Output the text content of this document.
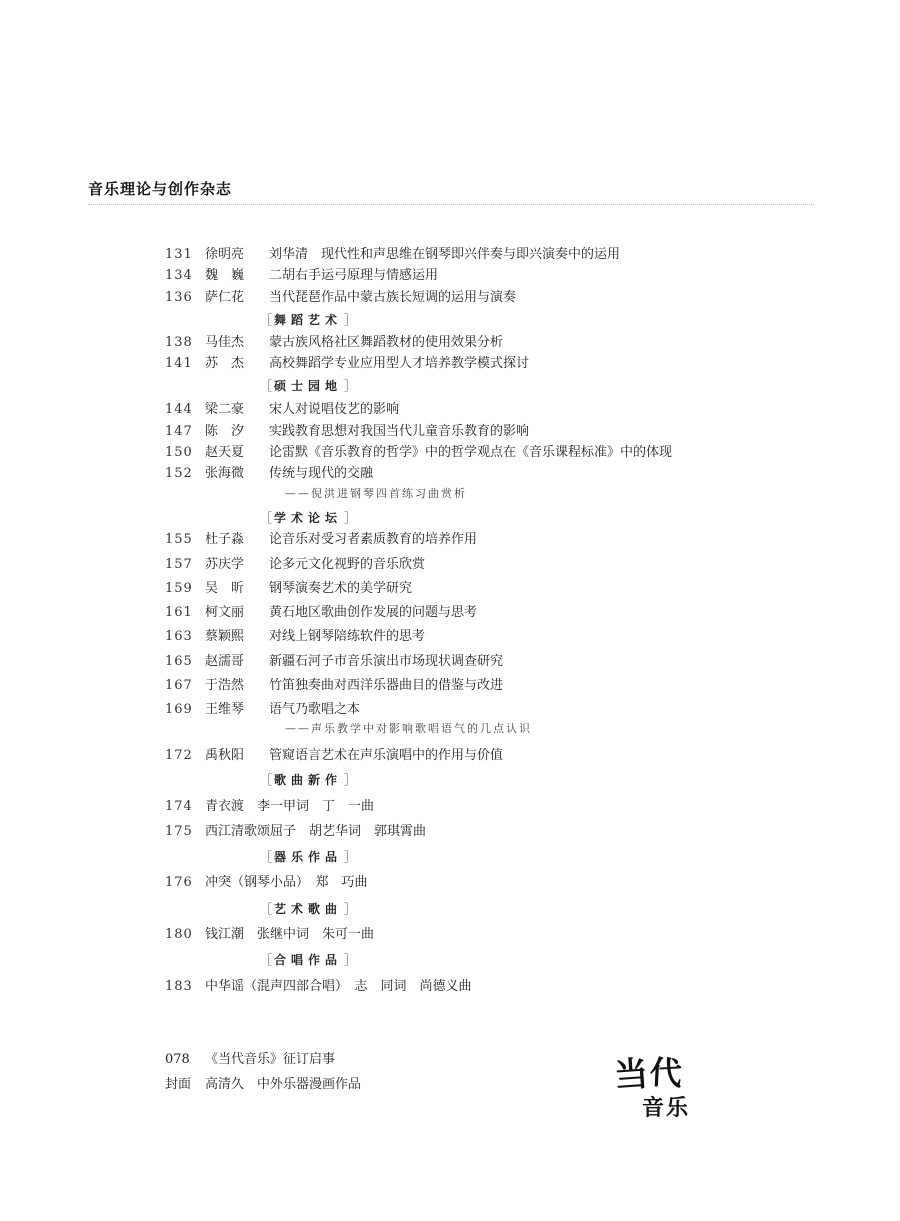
音乐理论与创作杂志
131 徐明亮	刘华清　现代性和声思维在钢琴即兴伴奏与即兴演奏中的运用
134 魏　巍	二胡右手运弓原理与情感运用
136 萨仁花	当代琵琶作品中蒙古族长短调的运用与演奏
［ 舞蹈艺术 ］
138 马佳杰	蒙古族风格社区舞蹈教材的使用效果分析
141 苏　杰	高校舞蹈学专业应用型人才培养教学模式探讨
［ 硕士园地 ］
144 梁二豪	宋人对说唱伎艺的影响
147 陈　汐	实践教育思想对我国当代儿童音乐教育的影响
150 赵天夏	论雷默《音乐教育的哲学》中的哲学观点在《音乐课程标准》中的体现
152 张海微	传统与现代的交融
——倪洪进钢琴四首练习曲赏析
［ 学术论坛 ］
155 杜子淼	论音乐对受习者素质教育的培养作用
157 苏庆学	论多元文化视野的音乐欣赏
159 吴　昕	钢琴演奏艺术的美学研究
161 柯文丽	黄石地区歌曲创作发展的问题与思考
163 蔡颖熙	对线上钢琴陪练软件的思考
165 赵濡哥	新疆石河子市音乐演出市场现状调查研究
167 于浩然	竹笛独奏曲对西洋乐器曲目的借鉴与改进
169 王维琴	语气乃歌唱之本
——声乐教学中对影响歌唱语气的几点认识
172 禹秋阳	管窥语言艺术在声乐演唱中的作用与价值
［ 歌曲新作 ］
174 青衣渡　李一甲词　丁　一曲
175 西江清歌颂屈子　胡艺华词　郭琪霄曲
［ 器乐作品 ］
176 冲突（钢琴小品）　郑　巧曲
［ 艺术歌曲 ］
180 钱江潮　张继中词　朱可一曲
［ 合唱作品 ］
183 中华谣（混声四部合唱）　志　同词　尚德义曲
078	《当代音乐》征订启事
封面	高清久　中外乐器漫画作品	当 代
音 乐
